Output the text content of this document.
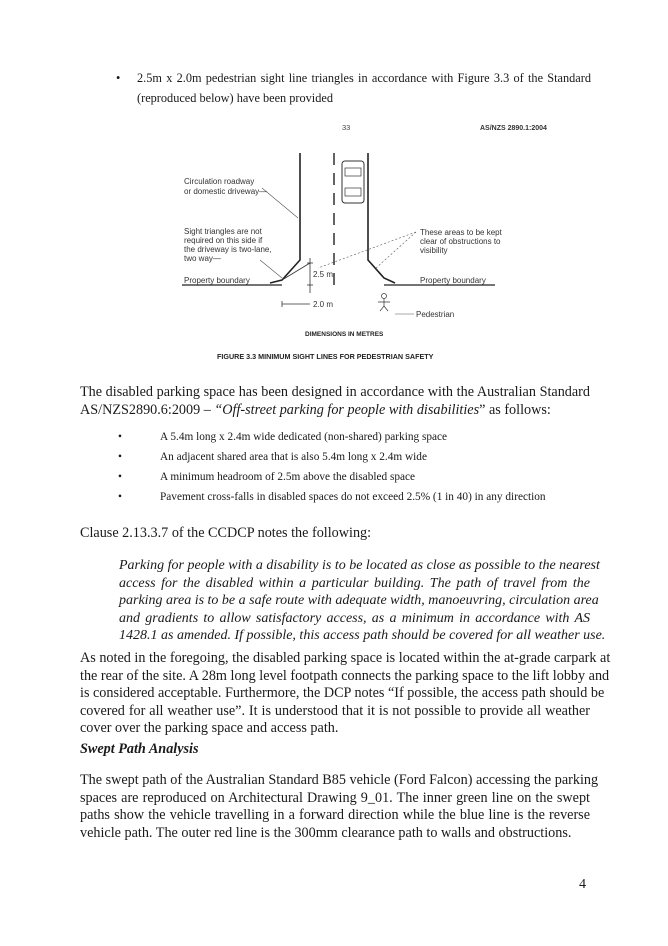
• 2.5m x 2.0m pedestrian sight line triangles in accordance with Figure 3.3 of the Standard
(reproduced below) have been provided
33	AS/NZS 2890.1:2004
Circulation roadway
or domestic driveway—
Sight triangles are not
required on this side if
the driveway is two-lane,
two way—
These areas to be kept
clear of obstructions to
visibility
Property boundary	Property boundary
2.5 m
2.0 m
Pedestrian
DIMENSIONS IN METRES
FIGURE 3.3 MINIMUM SIGHT LINES FOR PEDESTRIAN SAFETY
The disabled parking space has been designed in accordance with the Australian Standard
AS/NZS2890.6:2009 – “Off-street parking for people with disabilities” as follows:
•	A 5.4m long x 2.4m wide dedicated (non-shared) parking space
•	An adjacent shared area that is also 5.4m long x 2.4m wide
•	A minimum headroom of 2.5m above the disabled space
•	Pavement cross-falls in disabled spaces do not exceed 2.5% (1 in 40) in any direction
Clause 2.13.3.7 of the CCDCP notes the following:
Parking for people with a disability is to be located as close as possible to the nearest
access for the disabled within a particular building. The path of travel from the
parking area is to be a safe route with adequate width, manoeuvring, circulation area
and gradients to allow satisfactory access, as a minimum in accordance with AS
1428.1 as amended. If possible, this access path should be covered for all weather use.
As noted in the foregoing, the disabled parking space is located within the at-grade carpark at
the rear of the site. A 28m long level footpath connects the parking space to the lift lobby and
is considered acceptable. Furthermore, the DCP notes “If possible, the access path should be
covered for all weather use”. It is understood that it is not possible to provide all weather
cover over the parking space and access path.
Swept Path Analysis
The swept path of the Australian Standard B85 vehicle (Ford Falcon) accessing the parking
spaces are reproduced on Architectural Drawing 9_01. The inner green line on the swept
paths show the vehicle travelling in a forward direction while the blue line is the reverse
vehicle path. The outer red line is the 300mm clearance path to walls and obstructions.
4
